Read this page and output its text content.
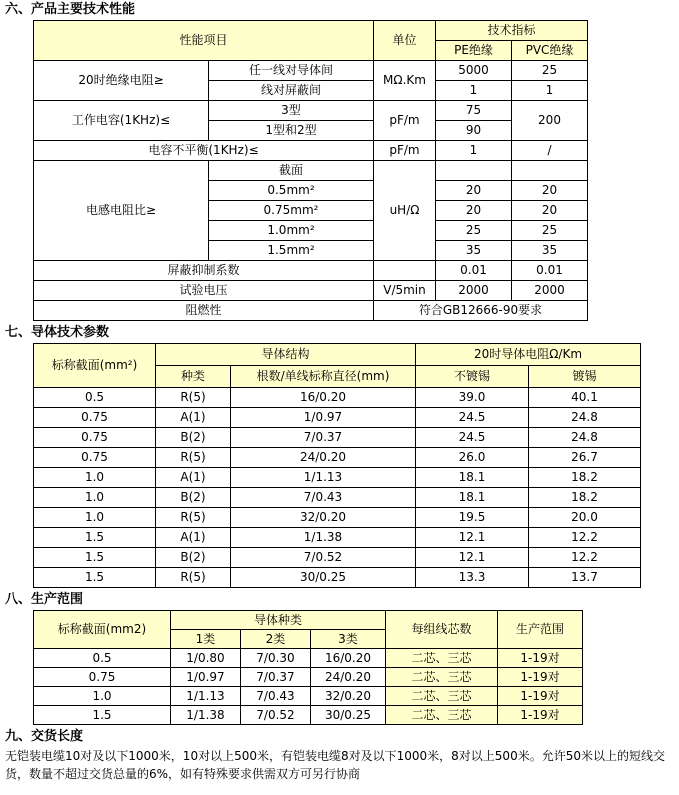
六、产品主要技术性能
性能项目		单位	技术指标	
			PE绝缘	PVC绝缘
20时绝缘电阻≥	任一线对导体间	MΩ.Km	5000	25
	线对屏蔽间		1	1
工作电容(1KHz)≤	3型	pF/m	75	200
	1型和2型		90	
电容不平衡(1KHz)≤		pF/m	1	/
电感电阻比≥	截面	uH/Ω		
	0.5mm²		20	20
	0.75mm²		20	20
	1.0mm²		25	25
	1.5mm²		35	35
屏蔽抑制系数			0.01	0.01
试验电压		V/5min	2000	2000
阻燃性		符合GB12666-90要求		
七、导体技术参数
标称截面(mm²)	导体结构		20时导体电阻Ω/Km	
	种类	根数/单线标称直径(mm)	不镀锡	镀锡
0.5	R(5)	16/0.20	39.0	40.1
0.75	A(1)	1/0.97	24.5	24.8
0.75	B(2)	7/0.37	24.5	24.8
0.75	R(5)	24/0.20	26.0	26.7
1.0	A(1)	1/1.13	18.1	18.2
1.0	B(2)	7/0.43	18.1	18.2
1.0	R(5)	32/0.20	19.5	20.0
1.5	A(1)	1/1.38	12.1	12.2
1.5	B(2)	7/0.52	12.1	12.2
1.5	R(5)	30/0.25	13.3	13.7
八、生产范围
标称截面(mm2)	导体种类			每组线芯数	生产范围
	1类	2类	3类		
0.5	1/0.80	7/0.30	16/0.20	二芯、三芯	1-19对
0.75	1/0.97	7/0.37	24/0.20	二芯、三芯	1-19对
1.0	1/1.13	7/0.43	32/0.20	二芯、三芯	1-19对
1.5	1/1.38	7/0.52	30/0.25	二芯、三芯	1-19对
九、交货长度

无铠装电缆10对及以下1000米，10对以上500米，有铠装电缆8对及以下1000米，8对以上500米。允许50米以上的短线交货，数量不超过交货总量的6%，如有特殊要求供需双方可另行协商
